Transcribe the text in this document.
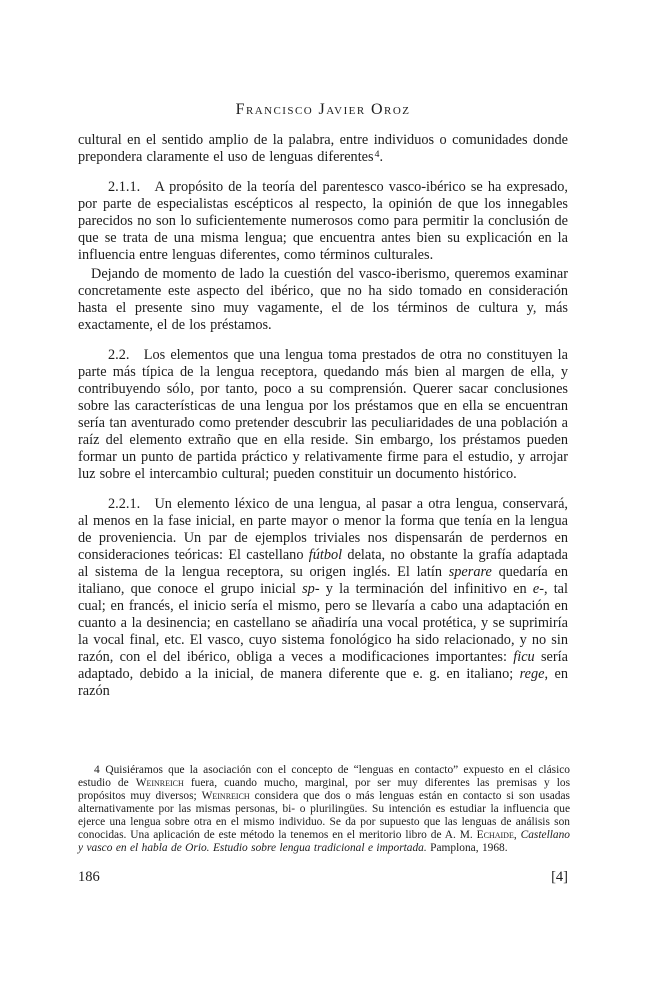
Francisco Javier Oroz

cultural en el sentido amplio de la palabra, entre individuos o comunidades donde prepondera claramente el uso de lenguas diferentes$^4$.

2.1.1.  A propósito de la teoría del parentesco vasco-ibérico se ha expresado, por parte de especialistas escépticos al respecto, la opinión de que los innegables parecidos no son lo suficientemente numerosos como para permitir la conclusión de que se trata de una misma lengua; que encuentra antes bien su explicación en la influencia entre lenguas diferentes, como términos culturales.

Dejando de momento de lado la cuestión del vasco-iberismo, queremos examinar concretamente este aspecto del ibérico, que no ha sido tomado en consideración hasta el presente sino muy vagamente, el de los términos de cultura y, más exactamente, el de los préstamos.

2.2.  Los elementos que una lengua toma prestados de otra no constituyen la parte más típica de la lengua receptora, quedando más bien al margen de ella, y contribuyendo sólo, por tanto, poco a su comprensión. Querer sacar conclusiones sobre las características de una lengua por los préstamos que en ella se encuentran sería tan aventurado como pretender descubrir las peculiaridades de una población a raíz del elemento extraño que en ella reside. Sin embargo, los préstamos pueden formar un punto de partida práctico y relativamente firme para el estudio, y arrojar luz sobre el intercambio cultural; pueden constituir un documento histórico.

2.2.1.  Un elemento léxico de una lengua, al pasar a otra lengua, conservará, al menos en la fase inicial, en parte mayor o menor la forma que tenía en la lengua de proveniencia. Un par de ejemplos triviales nos dispensarán de perdernos en consideraciones teóricas: El castellano fútbol delata, no obstante la grafía adaptada al sistema de la lengua receptora, su origen inglés. El latín sperare quedaría en italiano, que conoce el grupo inicial sp- y la terminación del infinitivo en e-, tal cual; en francés, el inicio sería el mismo, pero se llevaría a cabo una adaptación en cuanto a la desinencia; en castellano se añadiría una vocal protética, y se suprimiría la vocal final, etc. El vasco, cuyo sistema fonológico ha sido relacionado, y no sin razón, con el del ibérico, obliga a veces a modificaciones importantes: ficu sería adaptado, debido a la inicial, de manera diferente que e. g. en italiano; rege, en razón

4 Quisiéramos que la asociación con el concepto de “lenguas en contacto” expuesto en el clásico estudio de Weinreich fuera, cuando mucho, marginal, por ser muy diferentes las premisas y los propósitos muy diversos; Weinreich considera que dos o más lenguas están en contacto si son usadas alternativamente por las mismas personas, bi- o plurilingües. Su intención es estudiar la influencia que ejerce una lengua sobre otra en el mismo individuo. Se da por supuesto que las lenguas de análisis son conocidas. Una aplicación de este método la tenemos en el meritorio libro de A. M. Echaide, Castellano y vasco en el habla de Orio. Estudio sobre lengua tradicional e importada. Pamplona, 1968.

186	[4]
